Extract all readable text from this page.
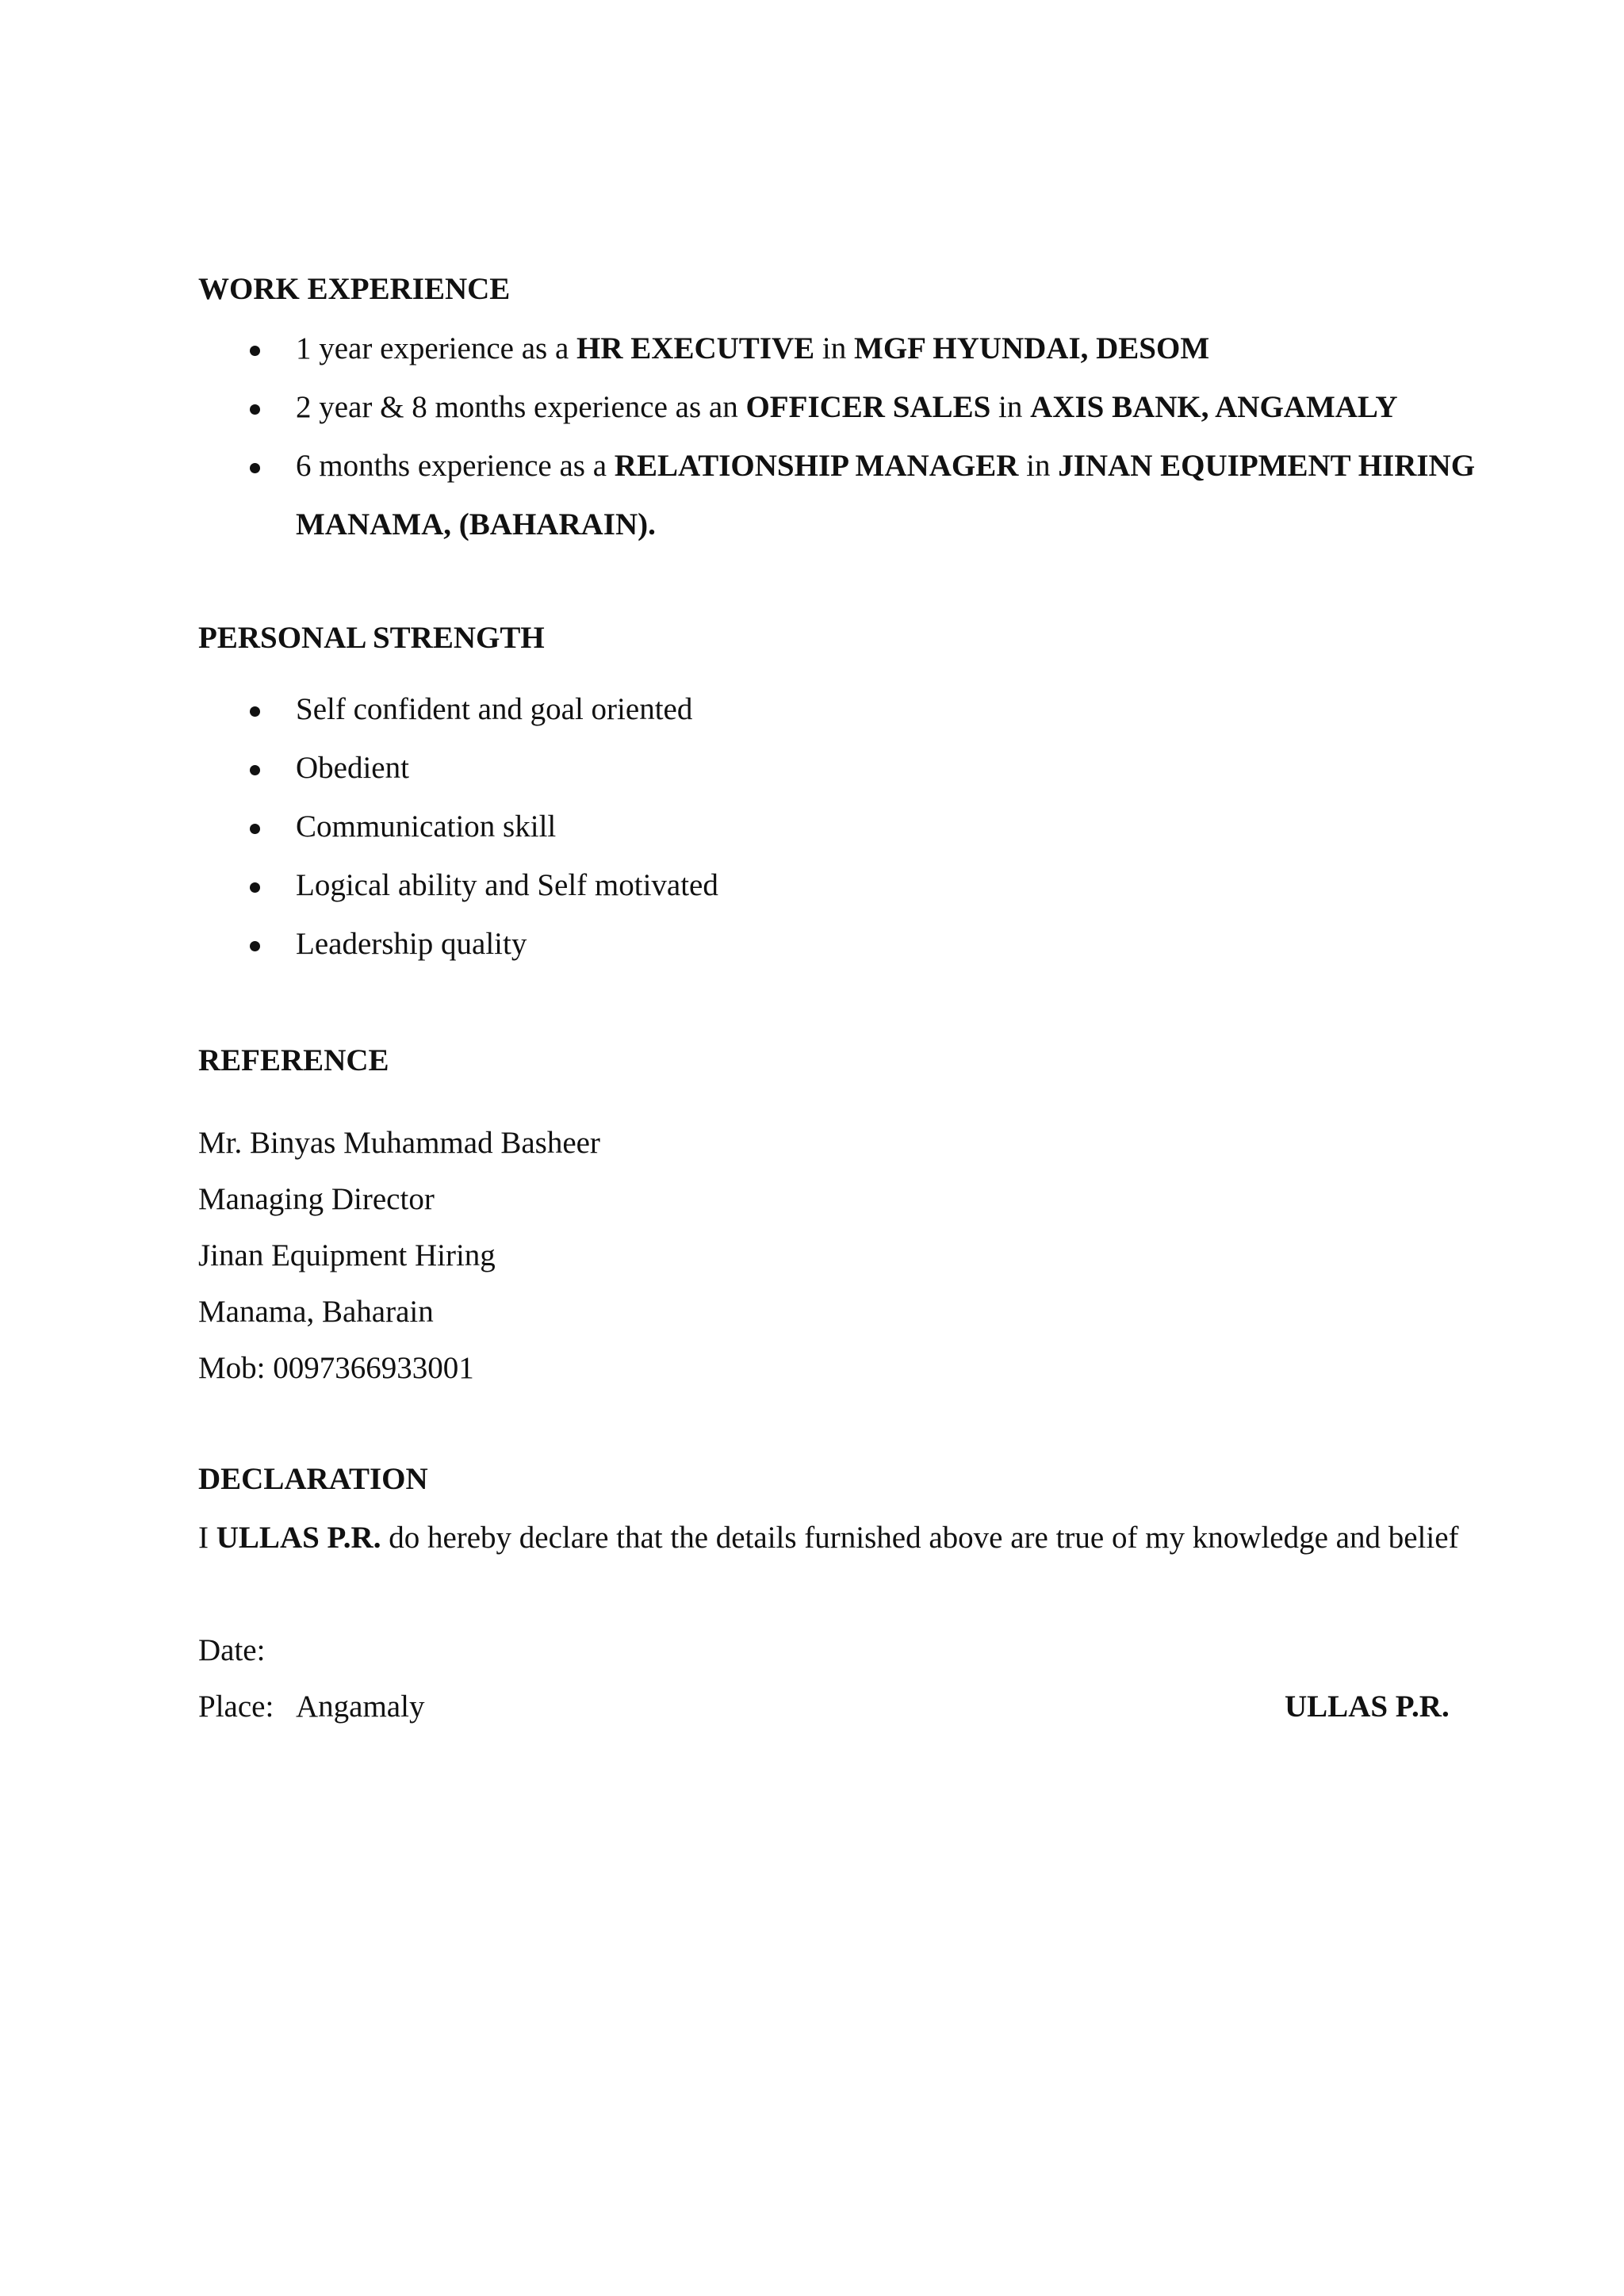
WORK EXPERIENCE
1 year experience as a HR EXECUTIVE in MGF HYUNDAI, DESOM
2 year & 8 months experience as an OFFICER SALES in AXIS BANK, ANGAMALY
6 months experience as a RELATIONSHIP MANAGER in JINAN EQUIPMENT HIRING
MANAMA, (BAHARAIN).
PERSONAL STRENGTH
Self confident and goal oriented
Obedient
Communication skill
Logical ability and Self motivated
Leadership quality
REFERENCE
Mr. Binyas Muhammad Basheer
Managing Director
Jinan Equipment Hiring
Manama, Baharain
Mob: 0097366933001
DECLARATION
I ULLAS P.R. do hereby declare that the details furnished above are true of my knowledge and belief
Date:
Place: Angamaly	ULLAS P.R.
